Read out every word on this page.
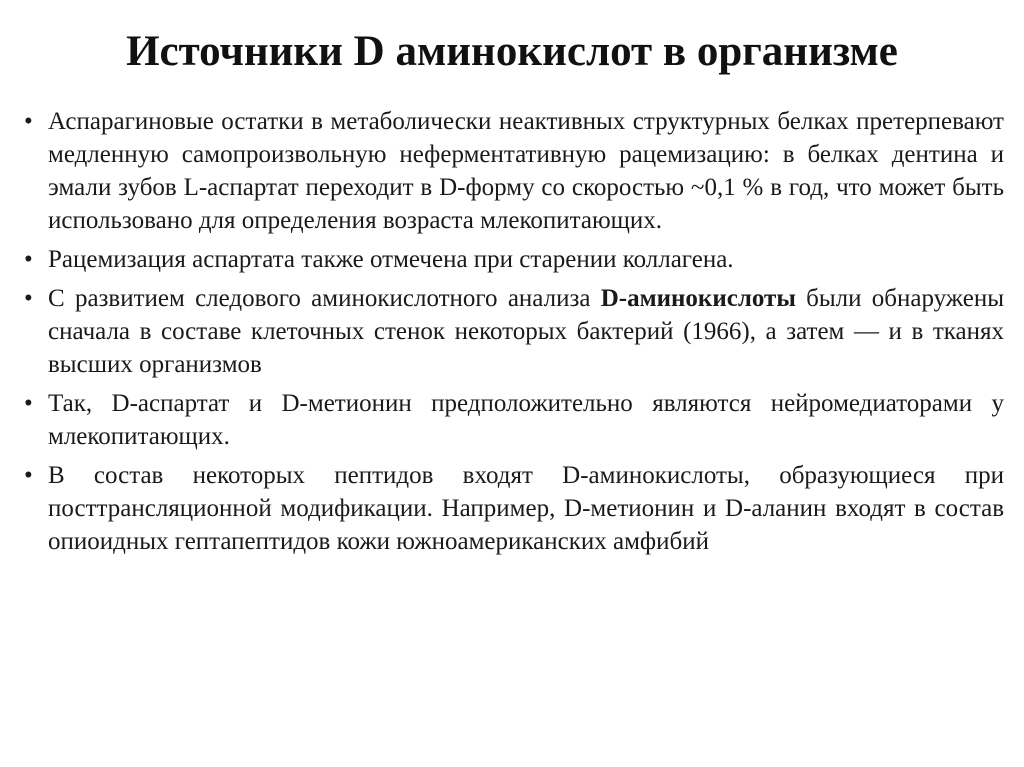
Источники D аминокислот в организме
• Аспарагиновые остатки в метаболически неактивных структурных белках претерпевают медленную самопроизвольную неферментативную рацемизацию: в белках дентина и эмали зубов L-аспартат переходит в D-форму со скоростью ~0,1 % в год, что может быть использовано для определения возраста млекопитающих.
• Рацемизация аспартата также отмечена при старении коллагена.
• С развитием следового аминокислотного анализа D-аминокислоты были обнаружены сначала в составе клеточных стенок некоторых бактерий (1966), а затем — и в тканях высших организмов
• Так, D-аспартат и D-метионин предположительно являются нейромедиаторами у млекопитающих.
• В состав некоторых пептидов входят D-аминокислоты, образующиеся при посттрансляционной модификации. Например, D-метионин и D-аланин входят в состав опиоидных гептапептидов кожи южноамериканских амфибий
